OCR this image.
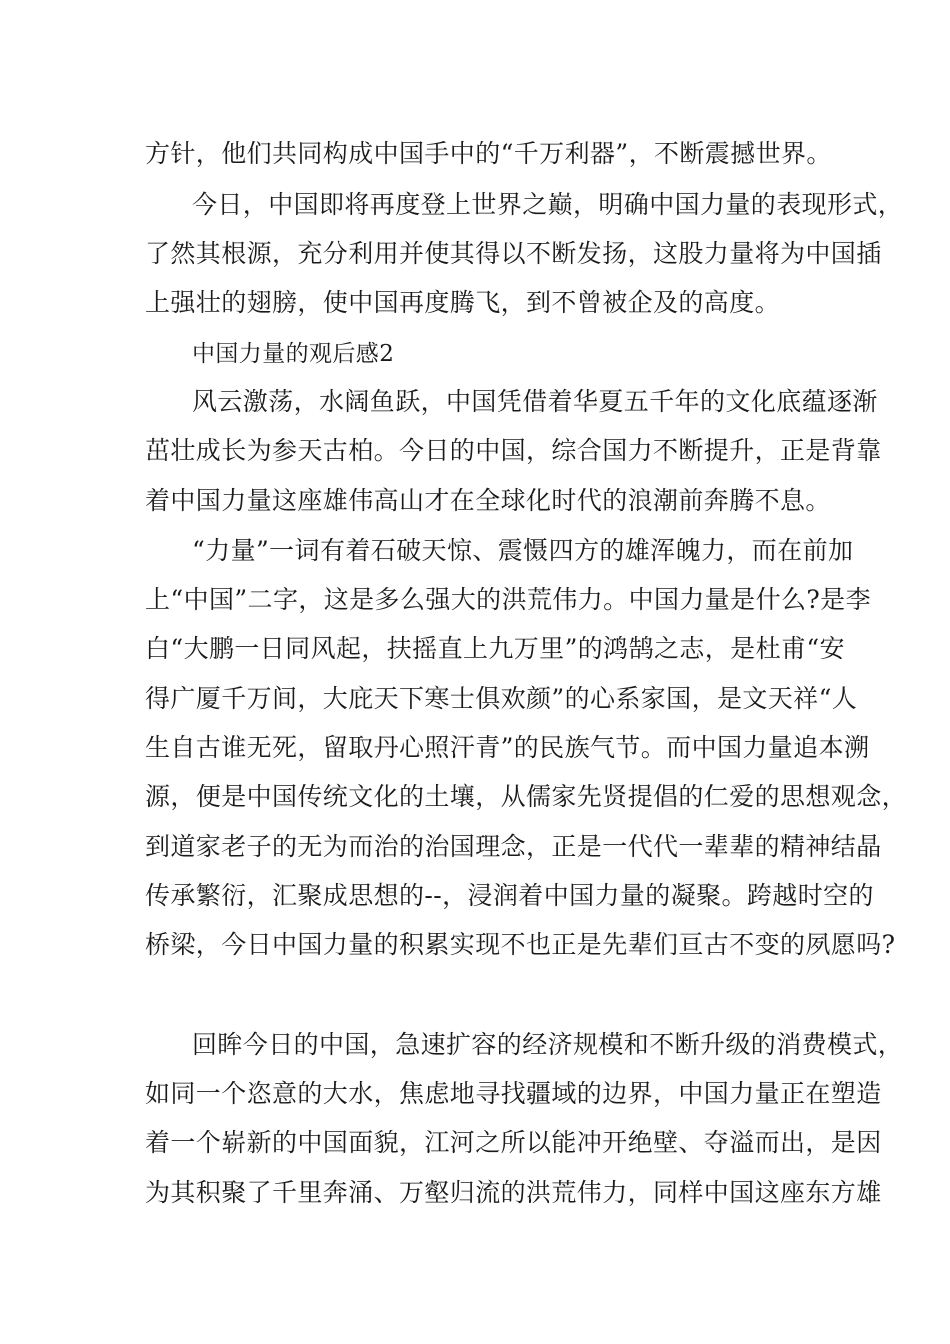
方针，他们共同构成中国手中的“千万利器”，不断震撼世界。
今日，中国即将再度登上世界之巅，明确中国力量的表现形式，
了然其根源，充分利用并使其得以不断发扬，这股力量将为中国插
上强壮的翅膀，使中国再度腾飞，到不曾被企及的高度。
中国力量的观后感2
风云激荡，水阔鱼跃，中国凭借着华夏五千年的文化底蕴逐渐
茁壮成长为参天古柏。今日的中国，综合国力不断提升，正是背靠
着中国力量这座雄伟高山才在全球化时代的浪潮前奔腾不息。
“力量”一词有着石破天惊、震慑四方的雄浑魄力，而在前加
上“中国”二字，这是多么强大的洪荒伟力。中国力量是什么?是李
白“大鹏一日同风起，扶摇直上九万里”的鸿鹄之志，是杜甫“安
得广厦千万间，大庇天下寒士俱欢颜”的心系家国，是文天祥“人
生自古谁无死，留取丹心照汗青”的民族气节。而中国力量追本溯
源，便是中国传统文化的土壤，从儒家先贤提倡的仁爱的思想观念，
到道家老子的无为而治的治国理念，正是一代代一辈辈的精神结晶
传承繁衍，汇聚成思想的--，浸润着中国力量的凝聚。跨越时空的
桥梁，今日中国力量的积累实现不也正是先辈们亘古不变的夙愿吗?
回眸今日的中国，急速扩容的经济规模和不断升级的消费模式，
如同一个恣意的大水，焦虑地寻找疆域的边界，中国力量正在塑造
着一个崭新的中国面貌，江河之所以能冲开绝壁、夺溢而出，是因
为其积聚了千里奔涌、万壑归流的洪荒伟力，同样中国这座东方雄
